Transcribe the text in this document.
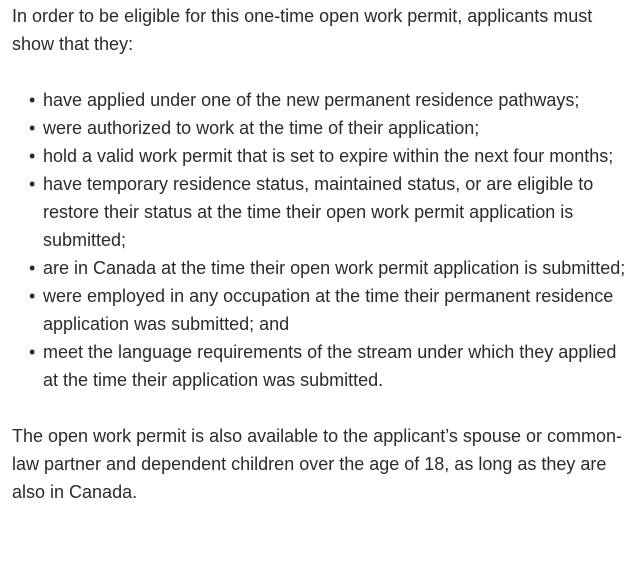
In order to be eligible for this one-time open work permit, applicants must show that they:

• have applied under one of the new permanent residence pathways;
• were authorized to work at the time of their application;
• hold a valid work permit that is set to expire within the next four months;
• have temporary residence status, maintained status, or are eligible to restore their status at the time their open work permit application is submitted;
• are in Canada at the time their open work permit application is submitted;
• were employed in any occupation at the time their permanent residence application was submitted; and
• meet the language requirements of the stream under which they applied at the time their application was submitted.

The open work permit is also available to the applicant’s spouse or common-law partner and dependent children over the age of 18, as long as they are also in Canada.
